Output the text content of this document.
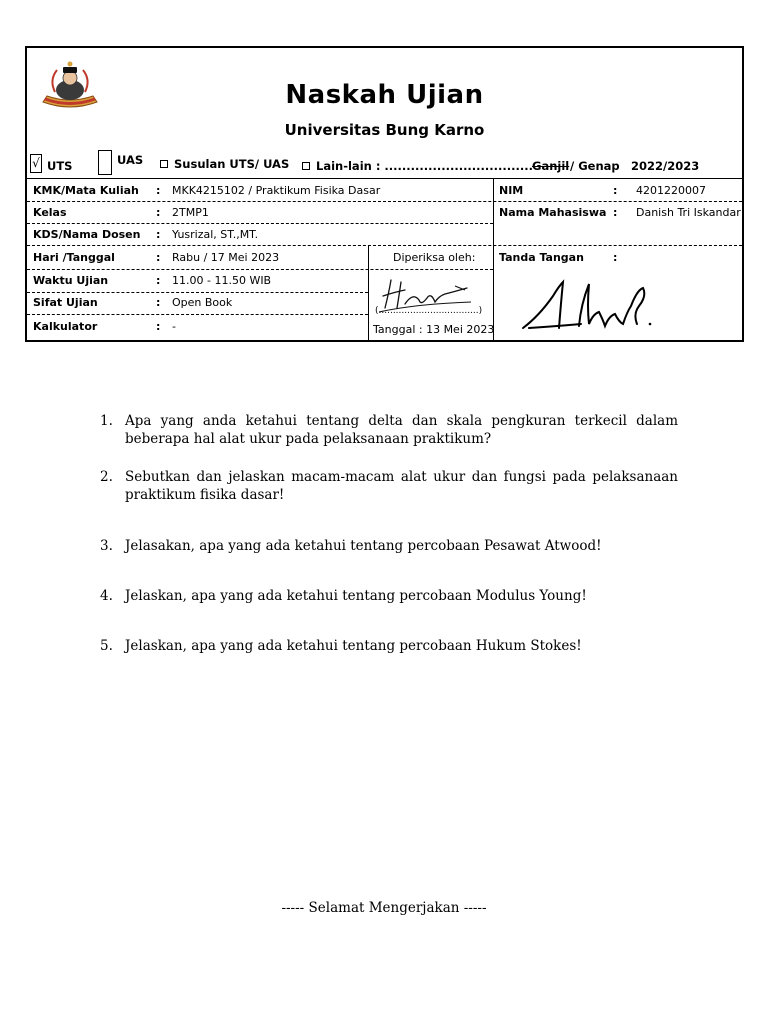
Naskah Ujian
Universitas Bung Karno
√ UTS	UAS	Susulan UTS/ UAS	Lain-lain : .................................. Ganjil / Genap 2022/2023
KMK/Mata Kuliah : MKK4215102 / Praktikum Fisika Dasar
Kelas	: 2TMP1
KDS/Nama Dosen : Yusrizal, ST.,MT.
Hari /Tanggal	: Rabu / 17 Mei 2023
Waktu Ujian	: 11.00 - 11.50 WIB
Sifat Ujian	: Open Book
Kalkulator	: -
Diperiksa oleh:
(...................................)
Tanggal : 13 Mei 2023
NIM	: 4201220007
Nama Mahasiswa : Danish Tri Iskandar
Tanda Tangan	:
1. Apa yang anda ketahui tentang delta dan skala pengkuran terkecil dalam beberapa hal alat ukur pada pelaksanaan praktikum?
2. Sebutkan dan jelaskan macam-macam alat ukur dan fungsi pada pelaksanaan praktikum fisika dasar!
3. Jelasakan, apa yang ada ketahui tentang percobaan Pesawat Atwood!
4. Jelaskan, apa yang ada ketahui tentang percobaan Modulus Young!
5. Jelaskan, apa yang ada ketahui tentang percobaan Hukum Stokes!
----- Selamat Mengerjakan -----
